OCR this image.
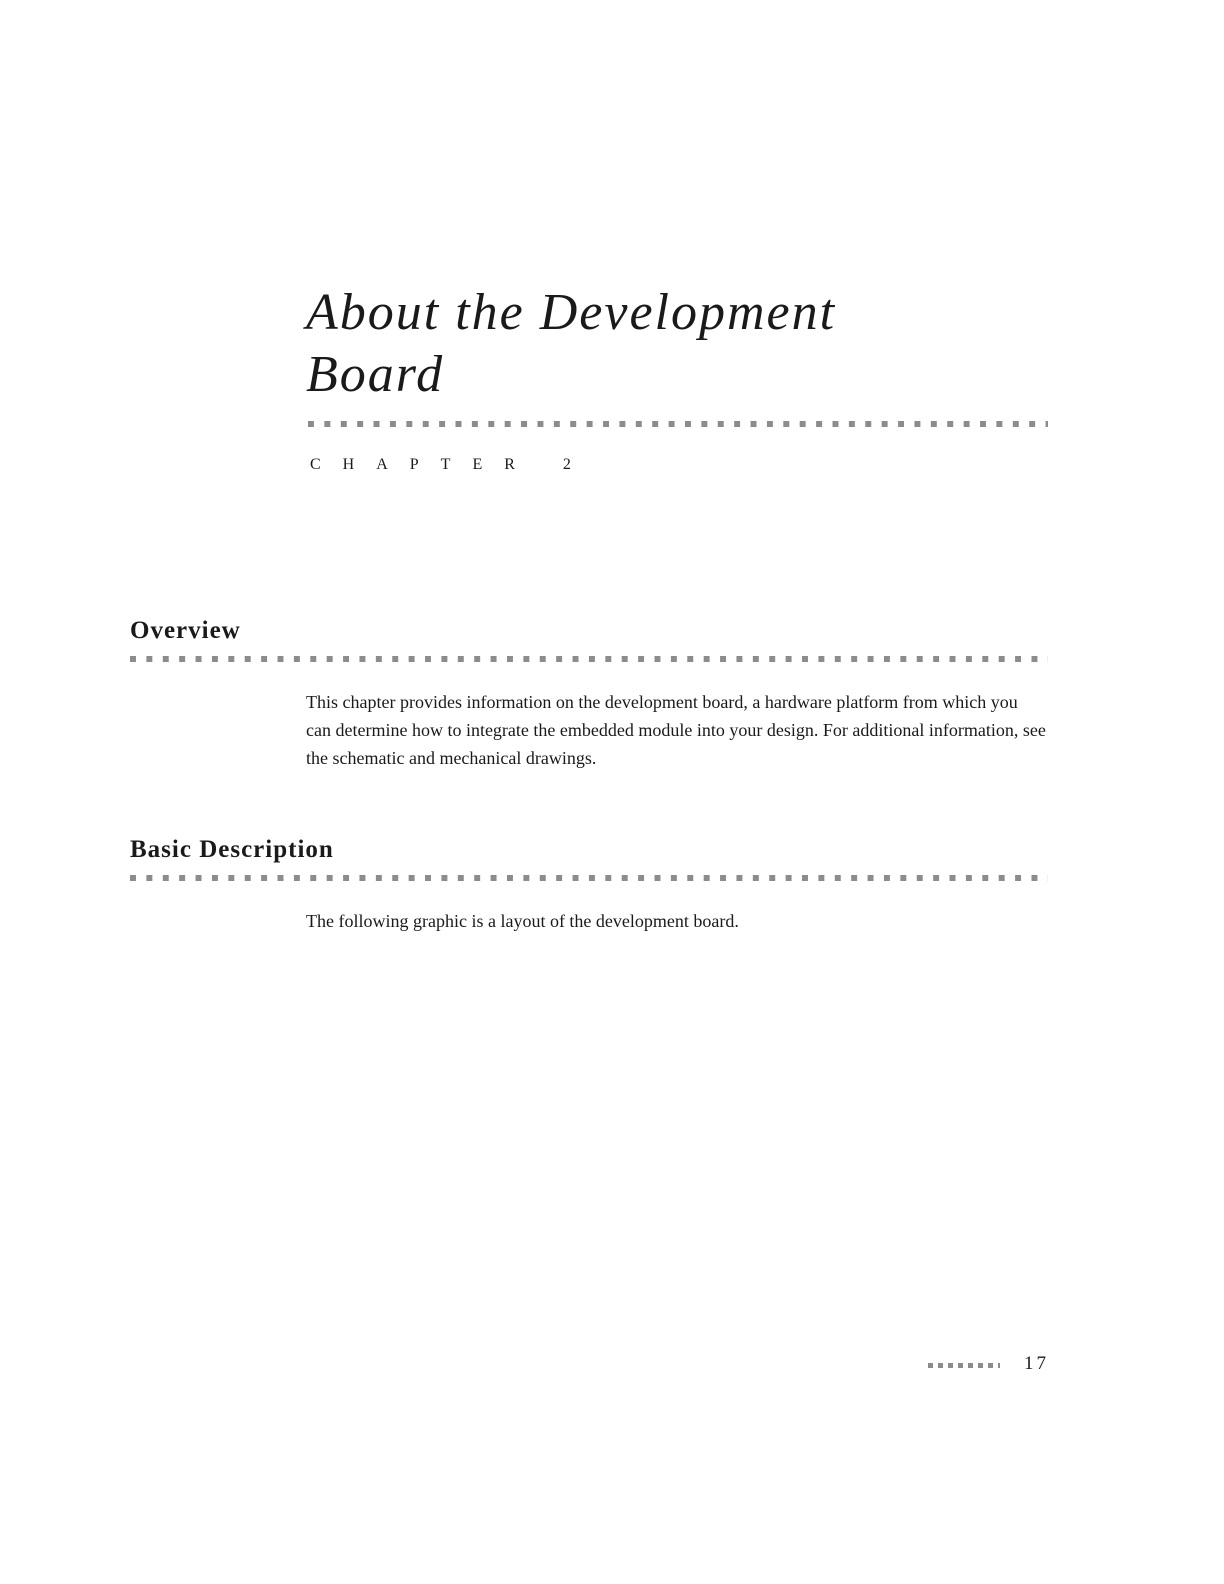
About the Development
Board
CHAPTER 2
Overview

This chapter provides information on the development board, a hardware platform from which you can determine how to integrate the embedded module into your design. For additional information, see the schematic and mechanical drawings.

Basic Description

The following graphic is a layout of the development board.

17
